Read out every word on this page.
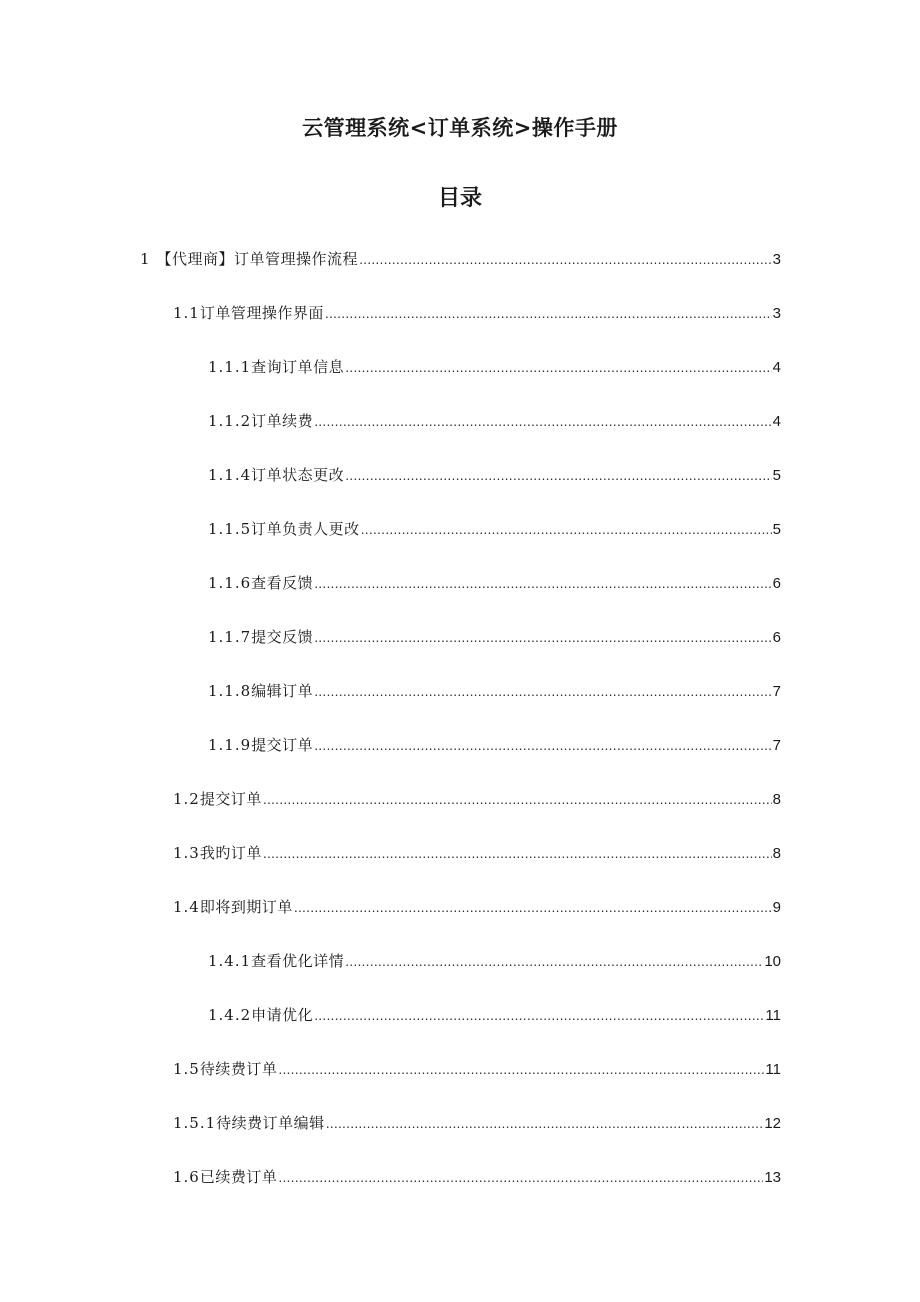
云管理系统<订单系统>操作手册
目录
1 【代理商】订单管理操作流程 .....	3
1.1 订单管理操作界面 .....	3
1.1.1 查询订单信息 .....	4
1.1.2 订单续费 .....	4
1.1.4 订单状态更改 .....	5
1.1.5 订单负责人更改 .....	5
1.1.6 查看反馈 .....	6
1.1.7 提交反馈 .....	6
1.1.8 编辑订单 .....	7
1.1.9 提交订单 .....	7
1.2 提交订单 .....	8
1.3 我旳订单 .....	8
1.4 即将到期订单 .....	9
1.4.1 查看优化详情 .....	10
1.4.2 申请优化 .....	11
1.5 待续费订单 .....	11
1.5.1 待续费订单编辑 .....	12
1.6 已续费订单 .....	13
